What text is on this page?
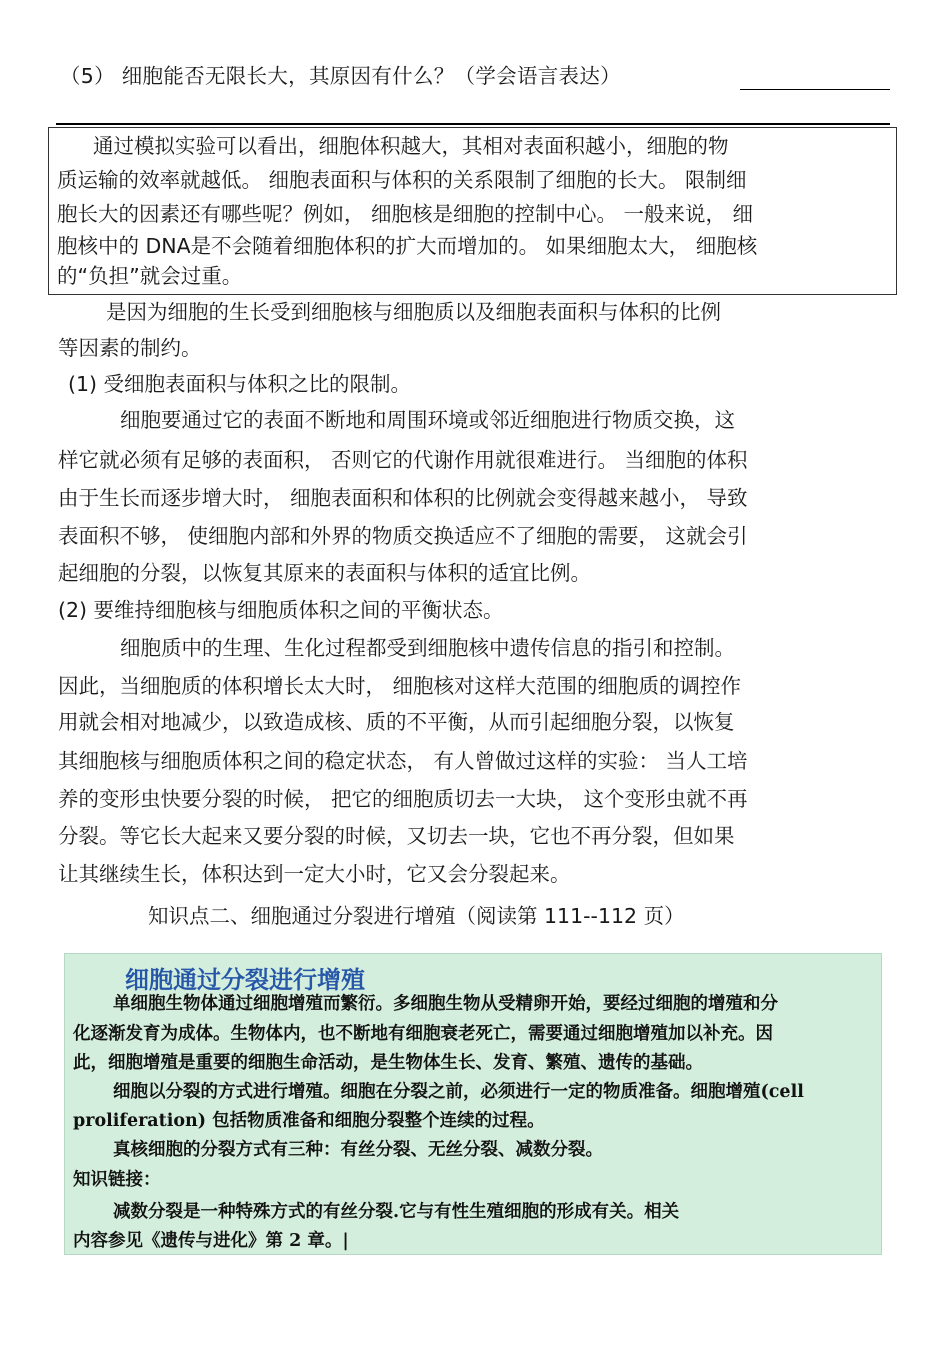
（5） 细胞能否无限长大，其原因有什么？（学会语言表达）
通过模拟实验可以看出，细胞体积越大，其相对表面积越小，细胞的物
质运输的效率就越低。 细胞表面积与体积的关系限制了细胞的长大。 限制细
胞长大的因素还有哪些呢？例如， 细胞核是细胞的控制中心。 一般来说， 细
胞核中的 DNA是不会随着细胞体积的扩大而增加的。 如果细胞太大， 细胞核
的“负担”就会过重。
是因为细胞的生长受到细胞核与细胞质以及细胞表面积与体积的比例
等因素的制约。
(1) 受细胞表面积与体积之比的限制。
细胞要通过它的表面不断地和周围环境或邻近细胞进行物质交换，这
样它就必须有足够的表面积， 否则它的代谢作用就很难进行。 当细胞的体积
由于生长而逐步增大时， 细胞表面积和体积的比例就会变得越来越小， 导致
表面积不够， 使细胞内部和外界的物质交换适应不了细胞的需要， 这就会引
起细胞的分裂，以恢复其原来的表面积与体积的适宜比例。
(2) 要维持细胞核与细胞质体积之间的平衡状态。
细胞质中的生理、生化过程都受到细胞核中遗传信息的指引和控制。
因此，当细胞质的体积增长太大时， 细胞核对这样大范围的细胞质的调控作
用就会相对地减少，以致造成核、质的不平衡，从而引起细胞分裂，以恢复
其细胞核与细胞质体积之间的稳定状态， 有人曾做过这样的实验： 当人工培
养的变形虫快要分裂的时候， 把它的细胞质切去一大块， 这个变形虫就不再
分裂。等它长大起来又要分裂的时候，又切去一块，它也不再分裂，但如果
让其继续生长，体积达到一定大小时，它又会分裂起来。
知识点二、细胞通过分裂进行增殖（阅读第 111--112 页）
细胞通过分裂进行增殖
单细胞生物体通过细胞增殖而繁衍。多细胞生物从受精卵开始，要经过细胞的增殖和分
化逐渐发育为成体。生物体内，也不断地有细胞衰老死亡，需要通过细胞增殖加以补充。因
此，细胞增殖是重要的细胞生命活动，是生物体生长、发育、繁殖、遗传的基础。
细胞以分裂的方式进行增殖。细胞在分裂之前，必须进行一定的物质准备。细胞增殖(cell
proliferation) 包括物质准备和细胞分裂整个连续的过程。
真核细胞的分裂方式有三种：有丝分裂、无丝分裂、减数分裂。
知识链接：
减数分裂是一种特殊方式的有丝分裂.它与有性生殖细胞的形成有关。相关
内容参见《遗传与进化》第 2 章。|
